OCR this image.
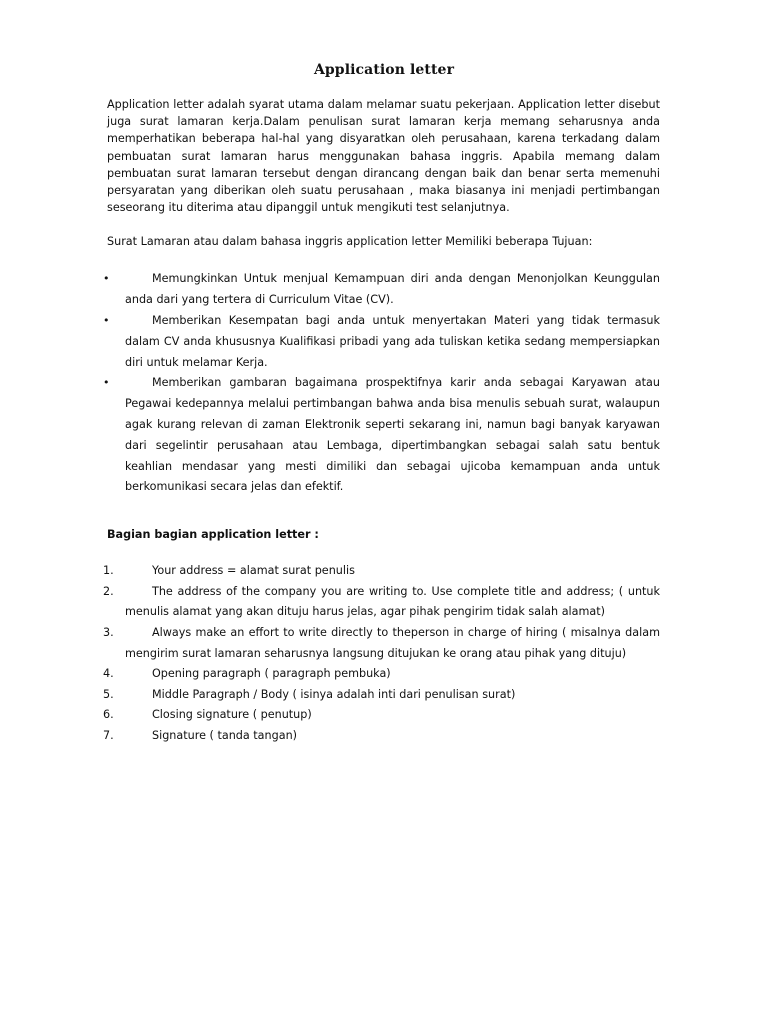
Application letter

Application letter adalah syarat utama dalam melamar suatu pekerjaan. Application letter disebut juga surat lamaran kerja.Dalam penulisan surat lamaran kerja memang seharusnya anda memperhatikan beberapa hal-hal yang disyaratkan oleh perusahaan, karena terkadang dalam pembuatan surat lamaran harus menggunakan bahasa inggris. Apabila memang dalam pembuatan surat lamaran tersebut dengan dirancang dengan baik dan benar serta memenuhi persyaratan yang diberikan oleh suatu perusahaan , maka biasanya ini menjadi pertimbangan seseorang itu diterima atau dipanggil untuk mengikuti test selanjutnya.

Surat Lamaran atau dalam bahasa inggris application letter Memiliki beberapa Tujuan:

•	Memungkinkan Untuk menjual Kemampuan diri anda dengan Menonjolkan Keunggulan anda dari yang tertera di Curriculum Vitae (CV).
•	Memberikan Kesempatan bagi anda untuk menyertakan Materi yang tidak termasuk dalam CV anda khususnya Kualifikasi pribadi yang ada tuliskan ketika sedang mempersiapkan diri untuk melamar Kerja.
•	Memberikan gambaran bagaimana prospektifnya karir anda sebagai Karyawan atau Pegawai kedepannya melalui pertimbangan bahwa anda bisa menulis sebuah surat, walaupun agak kurang relevan di zaman Elektronik seperti sekarang ini, namun bagi banyak karyawan dari segelintir perusahaan atau Lembaga, dipertimbangkan sebagai salah satu bentuk keahlian mendasar yang mesti dimiliki dan sebagai ujicoba kemampuan anda untuk berkomunikasi secara jelas dan efektif.

Bagian bagian application letter :

1.	Your address = alamat surat penulis
2.	The address of the company you are writing to. Use complete title and address; ( untuk menulis alamat yang akan dituju harus jelas, agar pihak pengirim tidak salah alamat)
3.	Always make an effort to write directly to theperson in charge of hiring ( misalnya dalam mengirim surat lamaran seharusnya langsung ditujukan ke orang atau pihak yang dituju)
4.	Opening paragraph ( paragraph pembuka)
5.	Middle Paragraph / Body ( isinya adalah inti dari penulisan surat)
6.	Closing signature ( penutup)
7.	Signature ( tanda tangan)
